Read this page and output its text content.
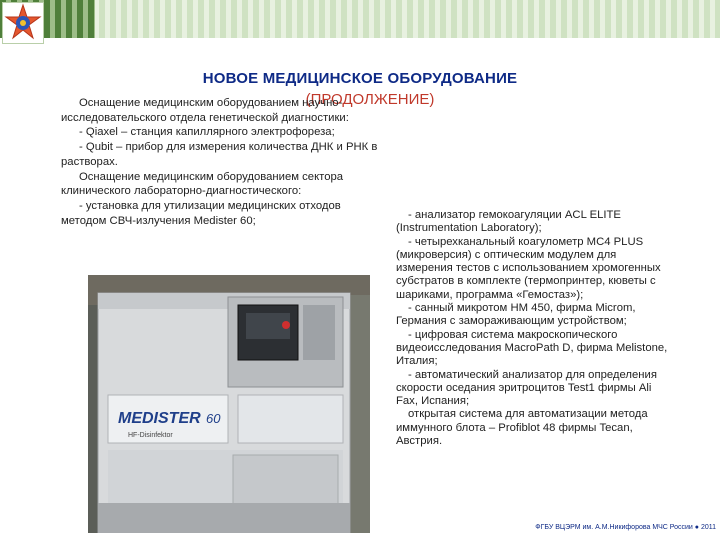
НОВОЕ МЕДИЦИНСКОЕ ОБОРУДОВАНИЕ
(ПРОДОЛЖЕНИЕ)

Оснащение медицинским оборудованием научно-исследовательского отдела генетической диагностики:

- Qiaxel – станция капиллярного электрофореза;

- Qubit – прибор для измерения количества ДНК и РНК в растворах.

Оснащение медицинским оборудованием сектора клинического лабораторно-диагностического:

- установка для утилизации медицинских отходов методом СВЧ-излучения Medister 60;	- анализатор гемокоагуляции ACL ELITE (Instrumentation Laboratory);

- четырехканальный коагулометр МС4 PLUS (микроверсия) с оптическим модулем для измерения тестов с использованием хромогенных субстратов в комплекте (термопринтер, кюветы с шариками, программа «Гемостаз»);

- санный микротом НМ 450, фирма Microm, Германия с замораживающим устройством;

- цифровая система макроскопического видеоисследования MacroPath D, фирма Melistone, Италия;

- автоматический анализатор для определения скорости оседания эритроцитов Test1 фирмы Ali Fax, Испания;

открытая система для автоматизации метода иммунного блота – Profiblot 48 фирмы Tecan, Австрия.

MEDISTER 60
HF-Disinfektor
ФГБУ ВЦЭРМ им. А.М.Никифорова МЧС России ● 2011
